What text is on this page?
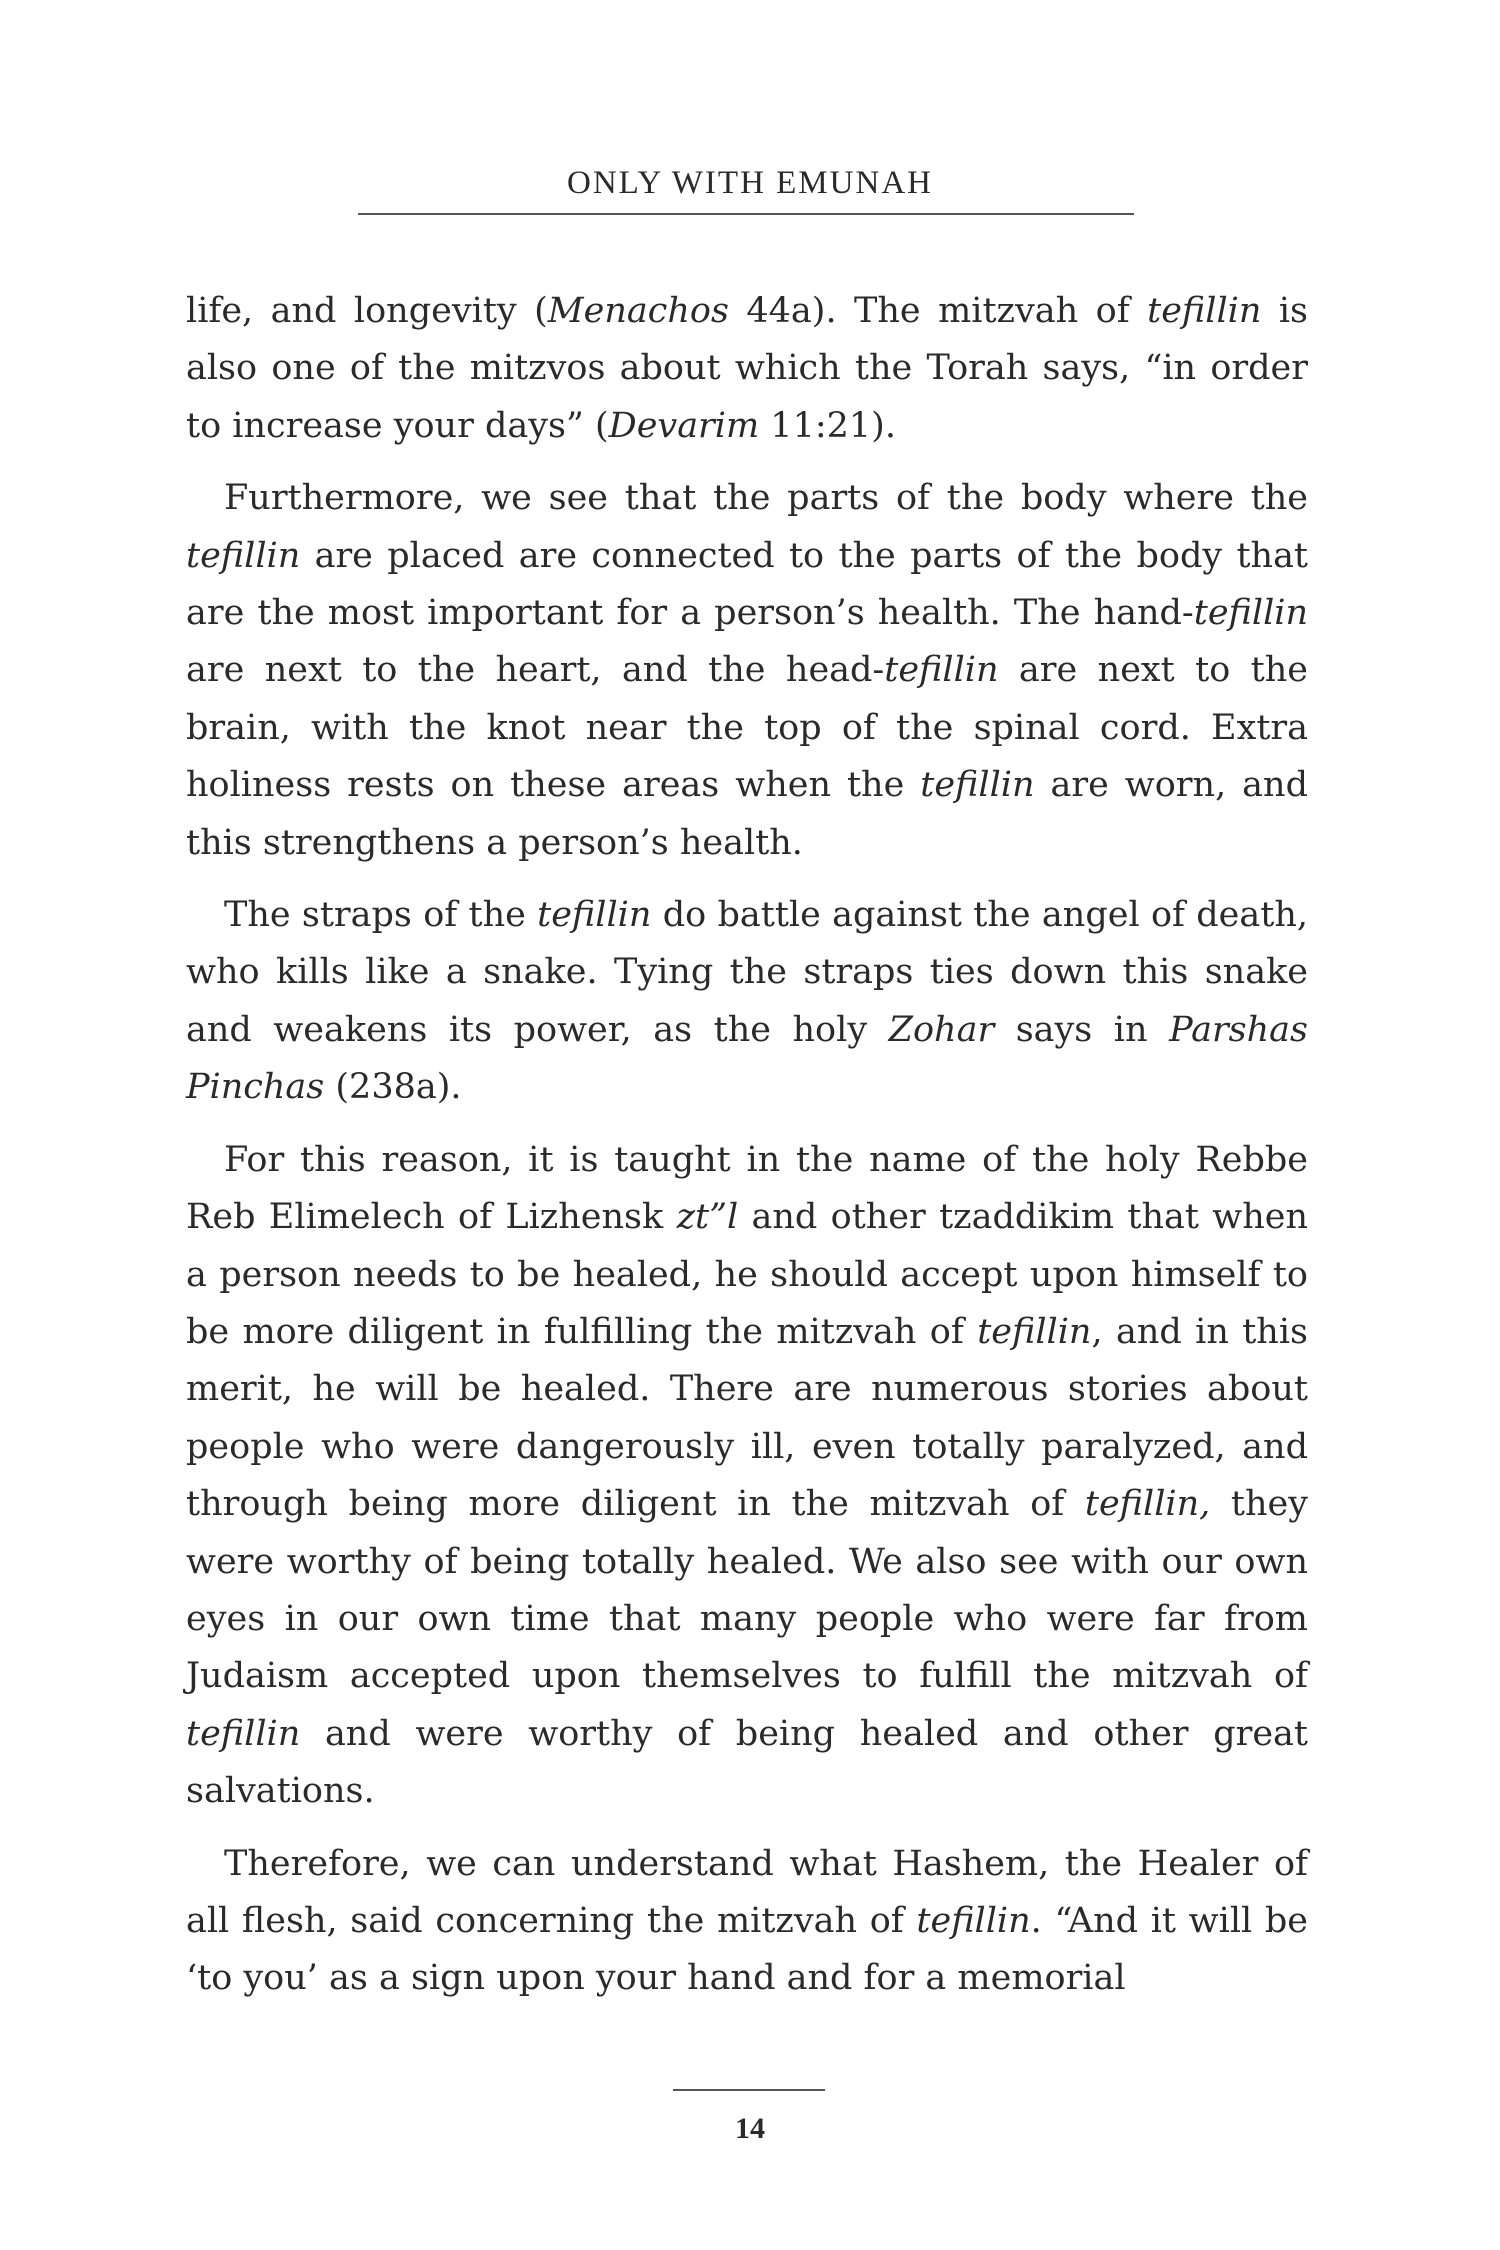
ONLY WITH EMUNAH

life, and longevity (Menachos 44a). The mitzvah of tefillin is also one of the mitzvos about which the Torah says, “in order to increase your days” (Devarim 11:21).

Furthermore, we see that the parts of the body where the tefillin are placed are connected to the parts of the body that are the most important for a person’s health. The hand-tefillin are next to the heart, and the head-tefillin are next to the brain, with the knot near the top of the spinal cord. Extra holiness rests on these areas when the tefillin are worn, and this strengthens a person’s health.

The straps of the tefillin do battle against the angel of death, who kills like a snake. Tying the straps ties down this snake and weakens its power, as the holy Zohar says in Parshas Pinchas (238a).

For this reason, it is taught in the name of the holy Rebbe Reb Elimelech of Lizhensk zt”l and other tzaddikim that when a person needs to be healed, he should accept upon himself to be more diligent in fulfilling the mitzvah of tefillin, and in this merit, he will be healed. There are numerous stories about people who were dangerously ill, even totally paralyzed, and through being more diligent in the mitzvah of tefillin, they were worthy of being totally healed. We also see with our own eyes in our own time that many people who were far from Judaism accepted upon themselves to fulfill the mitzvah of tefillin and were worthy of being healed and other great salvations.

Therefore, we can understand what Hashem, the Healer of all flesh, said concerning the mitzvah of tefillin. “And it will be ‘to you’ as a sign upon your hand and for a memorial

14
